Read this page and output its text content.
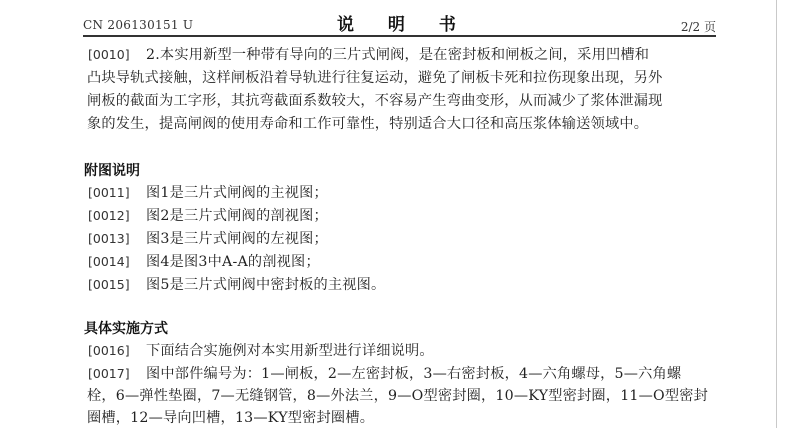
CN 206130151 U	说 明 书	2/2 页
[0010] 2.本实用新型一种带有导向的三片式闸阀，是在密封板和闸板之间，采用凹槽和
凸块导轨式接触，这样闸板沿着导轨进行往复运动，避免了闸板卡死和拉伤现象出现，另外
闸板的截面为工字形，其抗弯截面系数较大，不容易产生弯曲变形，从而减少了浆体泄漏现
象的发生，提高闸阀的使用寿命和工作可靠性，特别适合大口径和高压浆体输送领域中。
附图说明
[0011] 图1是三片式闸阀的主视图；
[0012] 图2是三片式闸阀的剖视图；
[0013] 图3是三片式闸阀的左视图；
[0014] 图4是图3中A-A的剖视图；
[0015] 图5是三片式闸阀中密封板的主视图。
具体实施方式
[0016] 下面结合实施例对本实用新型进行详细说明。
[0017] 图中部件编号为：1—闸板，2—左密封板，3—右密封板，4—六角螺母，5—六角螺
栓，6—弹性垫圈，7—无缝钢管，8—外法兰，9—O型密封圈，10—KY型密封圈，11—O型密封
圈槽，12—导向凹槽，13—KY型密封圈槽。
